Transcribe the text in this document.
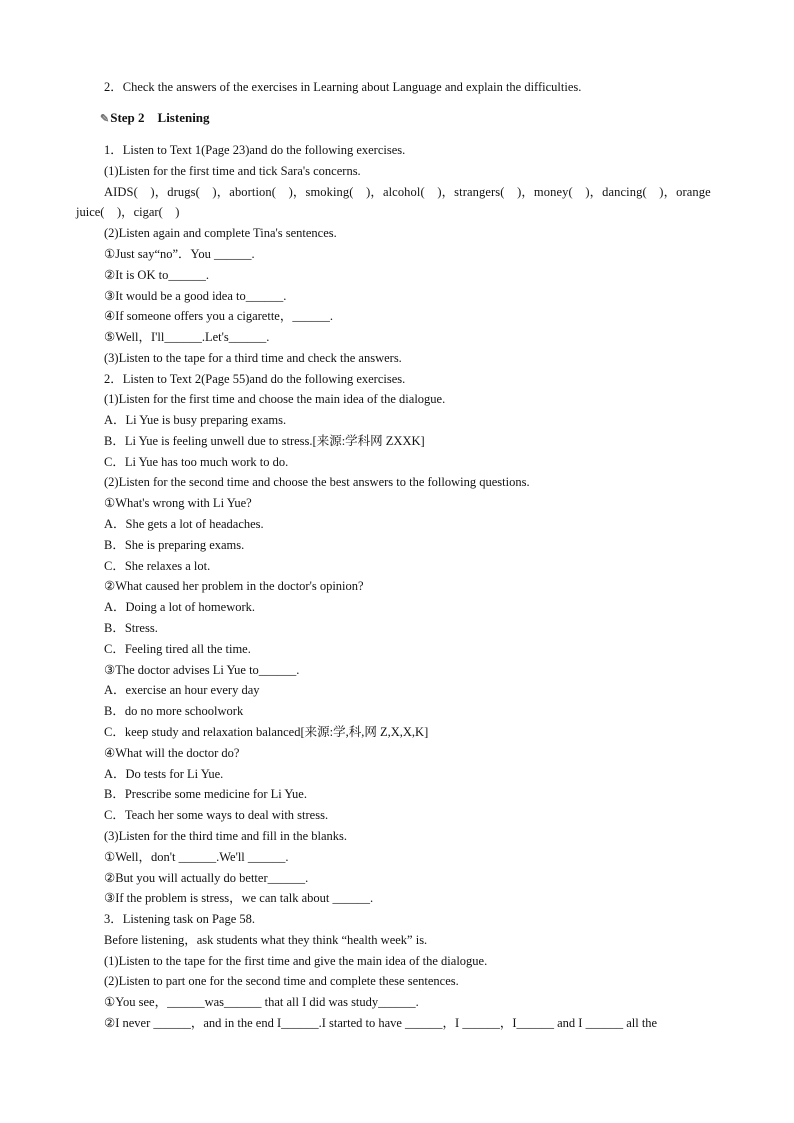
2．Check the answers of the exercises in Learning about Language and explain the difficulties.
✎Step 2　Listening
1．Listen to Text 1(Page 23)and do the following exercises.
(1)Listen for the first time and tick Sara's concerns.
AIDS(　)，drugs(　)，abortion(　)，smoking(　)，alcohol(　)，strangers(　)，money(　)，dancing(　)，orange
juice(　)，cigar(　)
(2)Listen again and complete Tina's sentences.
①Just say“no”．You ______.
②It is OK to______.
③It would be a good idea to______.
④If someone offers you a cigarette，______.
⑤Well，I'll______.Let's______.
(3)Listen to the tape for a third time and check the answers.
2．Listen to Text 2(Page 55)and do the following exercises.
(1)Listen for the first time and choose the main idea of the dialogue.
A．Li Yue is busy preparing exams.
B．Li Yue is feeling unwell due to stress.[来源:学科网 ZXXK]
C．Li Yue has too much work to do.
(2)Listen for the second time and choose the best answers to the following questions.
①What's wrong with Li Yue?
A．She gets a lot of headaches.
B．She is preparing exams.
C．She relaxes a lot.
②What caused her problem in the doctor's opinion?
A．Doing a lot of homework.
B．Stress.
C．Feeling tired all the time.
③The doctor advises Li Yue to______.
A．exercise an hour every day
B．do no more schoolwork
C．keep study and relaxation balanced[来源:学,科,网 Z,X,X,K]
④What will the doctor do?
A．Do tests for Li Yue.
B．Prescribe some medicine for Li Yue.
C．Teach her some ways to deal with stress.
(3)Listen for the third time and fill in the blanks.
①Well，don't ______.We'll ______.
②But you will actually do better______.
③If the problem is stress，we can talk about ______.
3．Listening task on Page 58.
Before listening，ask students what they think “health week” is.
(1)Listen to the tape for the first time and give the main idea of the dialogue.
(2)Listen to part one for the second time and complete these sentences.
①You see，______was______ that all I did was study______.
②I never ______，and in the end I______.I started to have ______，I ______，I______ and I ______ all the
